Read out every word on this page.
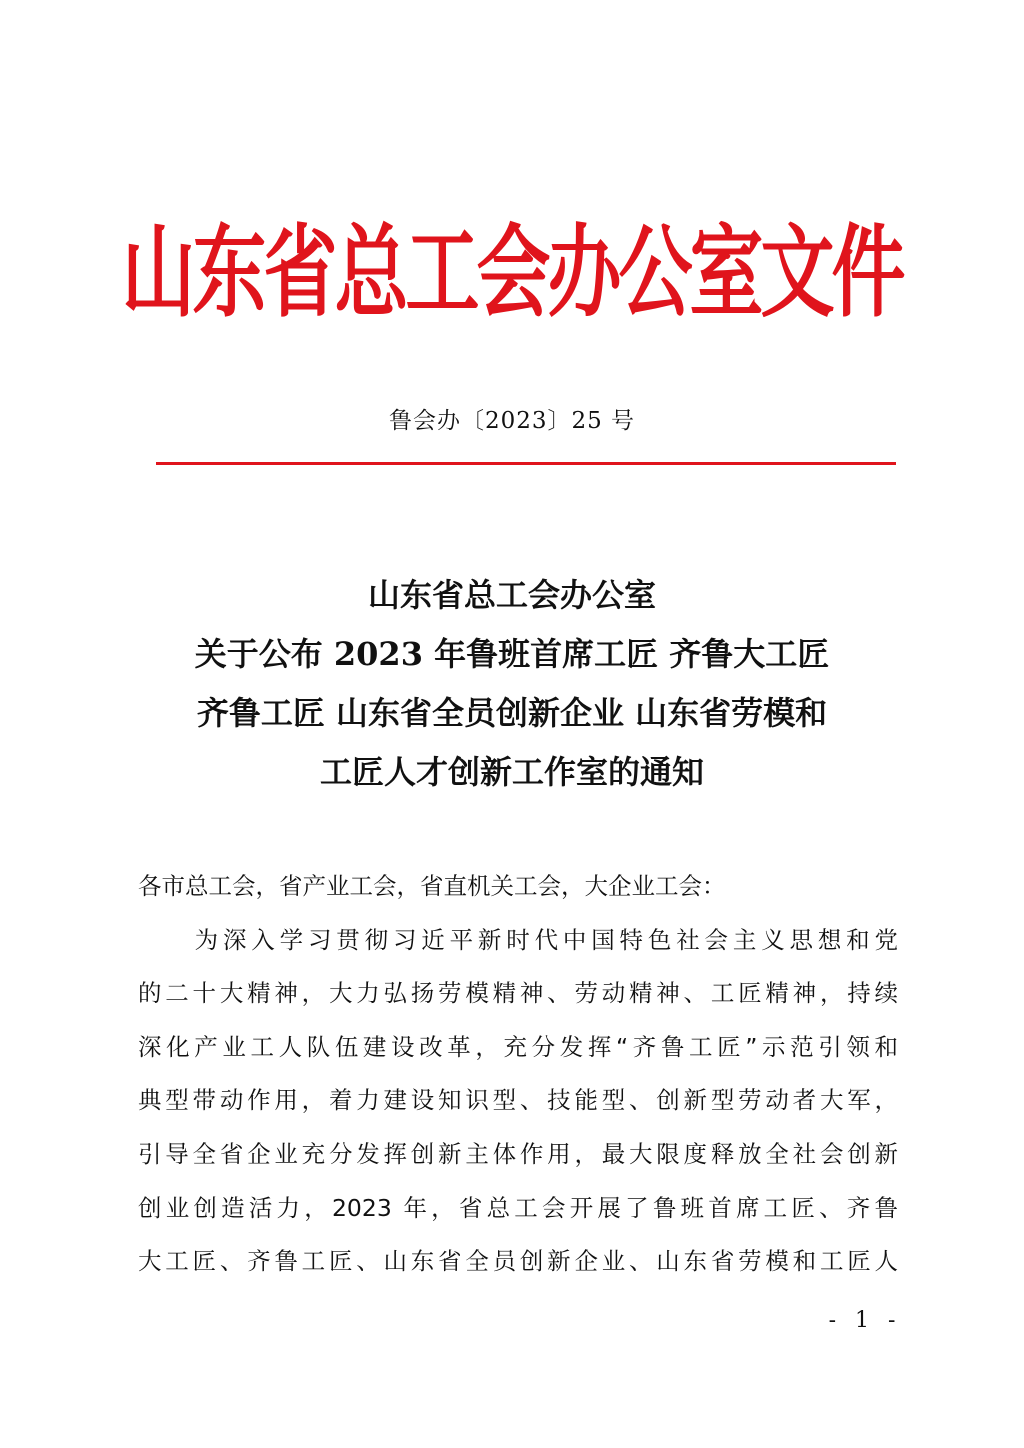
山东省总工会办公室文件
鲁会办〔2023〕25 号
山东省总工会办公室
关于公布 2023 年鲁班首席工匠 齐鲁大工匠
齐鲁工匠 山东省全员创新企业 山东省劳模和
工匠人才创新工作室的通知
各市总工会，省产业工会，省直机关工会，大企业工会：
　　为深入学习贯彻习近平新时代中国特色社会主义思想和党
的二十大精神，大力弘扬劳模精神、劳动精神、工匠精神，持续
深化产业工人队伍建设改革，充分发挥“齐鲁工匠”示范引领和
典型带动作用，着力建设知识型、技能型、创新型劳动者大军，
引导全省企业充分发挥创新主体作用，最大限度释放全社会创新
创业创造活力，2023 年，省总工会开展了鲁班首席工匠、齐鲁
大工匠、齐鲁工匠、山东省全员创新企业、山东省劳模和工匠人
- 1 -
